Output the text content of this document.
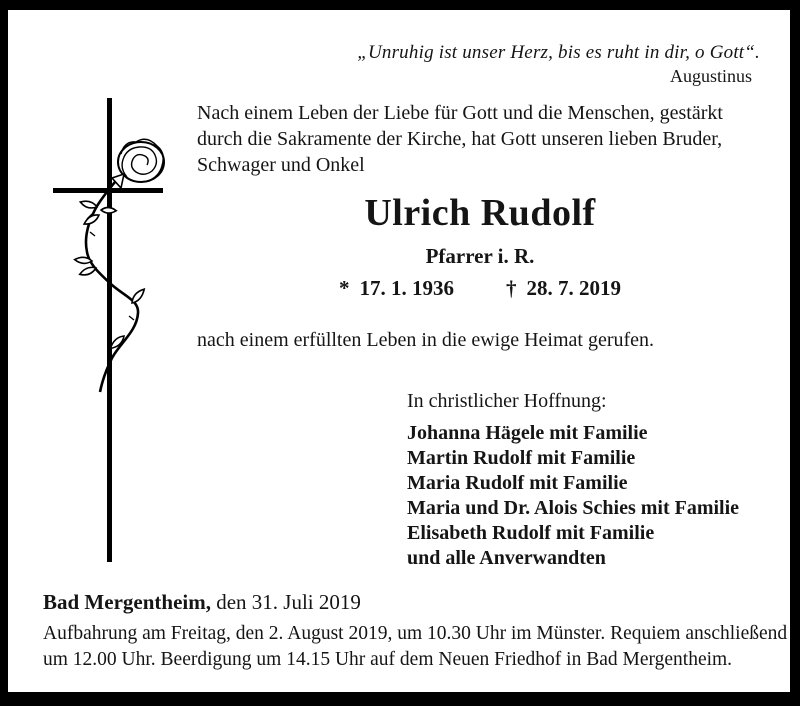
„Unruhig ist unser Herz, bis es ruht in dir, o Gott“.
Augustinus
Nach einem Leben der Liebe für Gott und die Menschen, gestärkt
durch die Sakramente der Kirche, hat Gott unseren lieben Bruder,
Schwager und Onkel
Ulrich Rudolf
Pfarrer i. R.
* 17. 1. 1936 † 28. 7. 2019
nach einem erfüllten Leben in die ewige Heimat gerufen.
In christlicher Hoffnung:
Johanna Hägele mit Familie
Martin Rudolf mit Familie
Maria Rudolf mit Familie
Maria und Dr. Alois Schies mit Familie
Elisabeth Rudolf mit Familie
und alle Anverwandten
Bad Mergentheim, den 31. Juli 2019
Aufbahrung am Freitag, den 2. August 2019, um 10.30 Uhr im Münster. Requiem anschließend
um 12.00 Uhr. Beerdigung um 14.15 Uhr auf dem Neuen Friedhof in Bad Mergentheim.
